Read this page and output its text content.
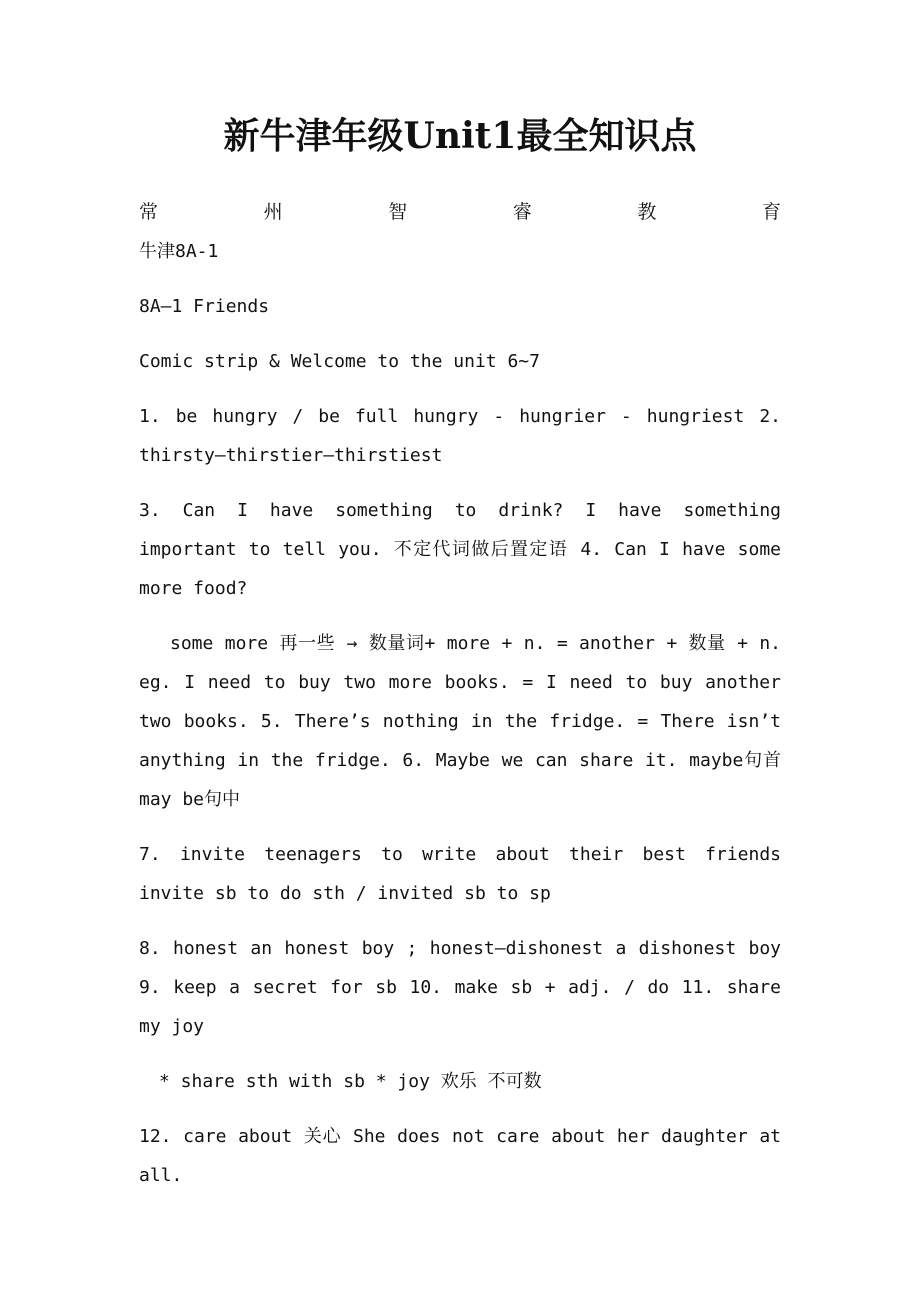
新牛津年级Unit1最全知识点
常	州	智	睿	教	育

牛津8A-1

8A—1 Friends

Comic strip & Welcome to the unit 6~7

1. be hungry / be full hungry - hungrier - hungriest 2. thirsty—thirstier—thirstiest

3. Can I have something to drink? I have something important to tell you. 不定代词做后置定语 4. Can I have some more food?

some more 再一些 → 数量词+ more + n. = another + 数量 + n. eg. I need to buy two more books. = I need to buy another two books. 5. There’s nothing in the fridge. = There isn’t anything in the fridge. 6. Maybe we can share it. maybe句首 may be句中

7. invite teenagers to write about their best friends invite sb to do sth / invited sb to sp

8. honest an honest boy ; honest—dishonest a dishonest boy 9. keep a secret for sb 10. make sb + adj. / do 11. share my joy

* share sth with sb * joy 欢乐 不可数

12. care about 关心 She does not care about her daughter at all.
